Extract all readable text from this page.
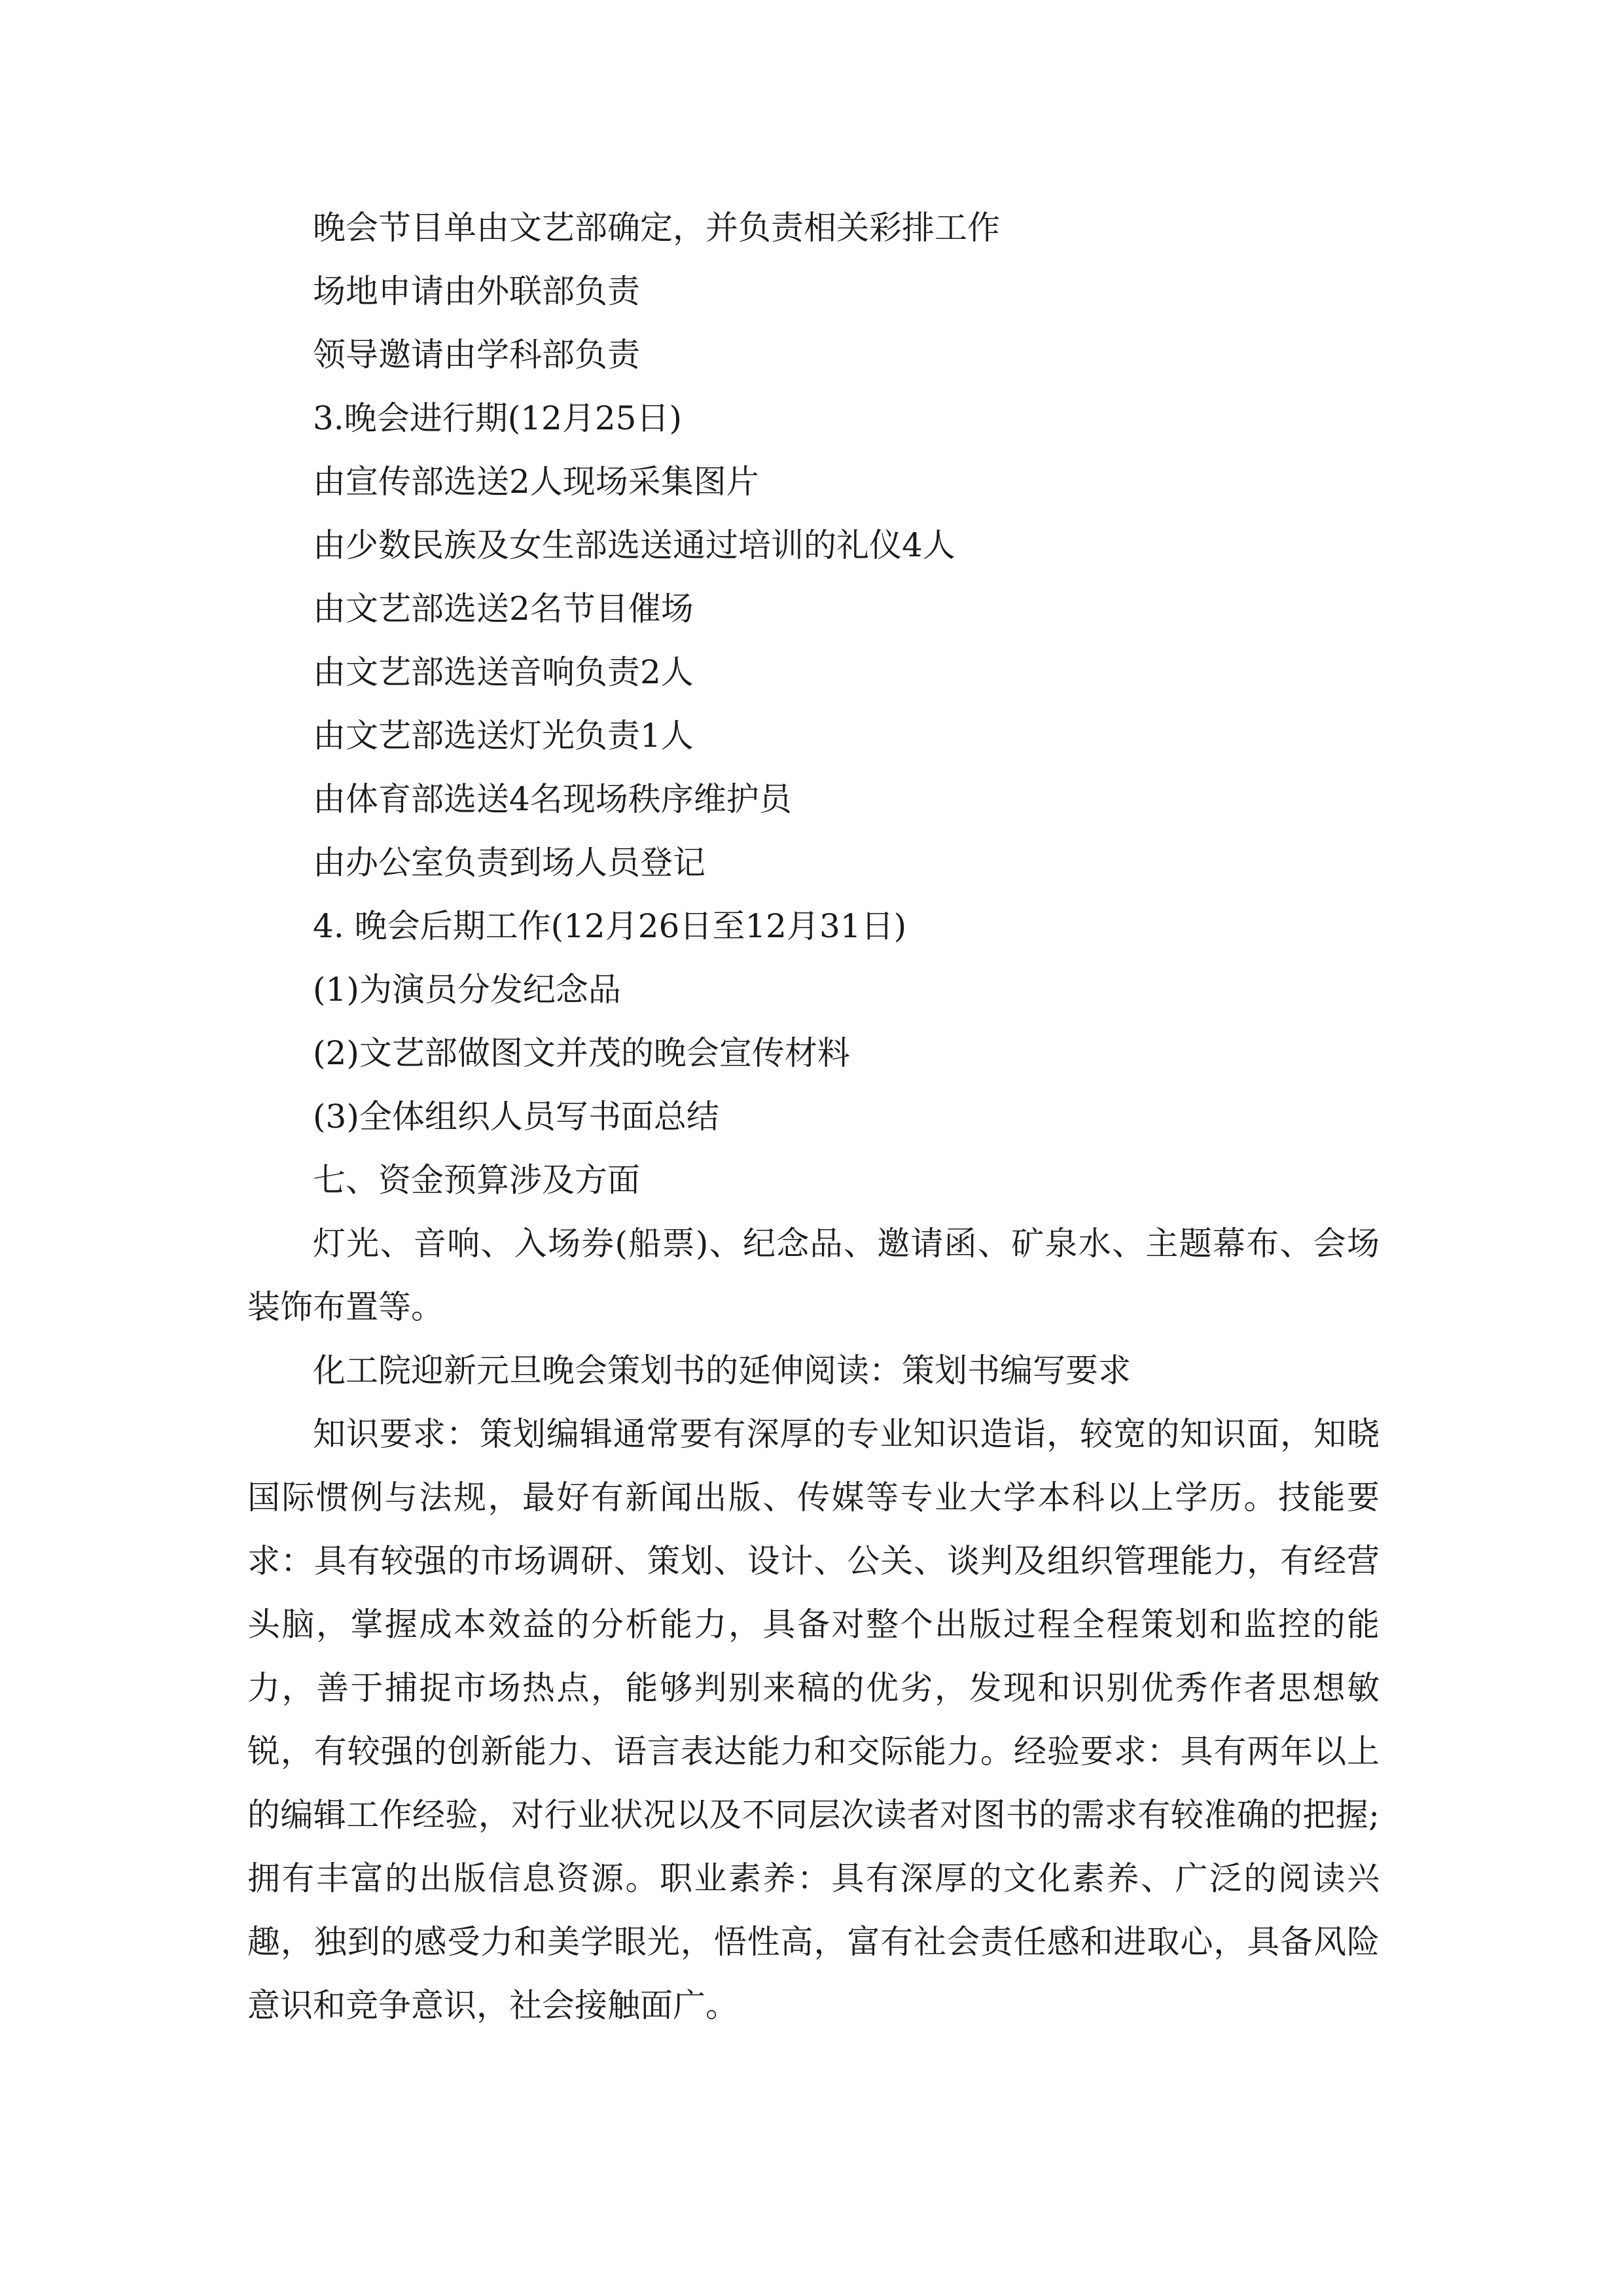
晚会节目单由文艺部确定，并负责相关彩排工作

场地申请由外联部负责

领导邀请由学科部负责

3.晚会进行期(12月25日)

由宣传部选送2人现场采集图片

由少数民族及女生部选送通过培训的礼仪4人

由文艺部选送2名节目催场

由文艺部选送音响负责2人

由文艺部选送灯光负责1人

由体育部选送4名现场秩序维护员

由办公室负责到场人员登记

4. 晚会后期工作(12月26日至12月31日)

(1)为演员分发纪念品

(2)文艺部做图文并茂的晚会宣传材料

(3)全体组织人员写书面总结

七、资金预算涉及方面

灯光、音响、入场券(船票)、纪念品、邀请函、矿泉水、主题幕布、会场装饰布置等。

化工院迎新元旦晚会策划书的延伸阅读：策划书编写要求

知识要求：策划编辑通常要有深厚的专业知识造诣，较宽的知识面，知晓国际惯例与法规，最好有新闻出版、传媒等专业大学本科以上学历。技能要求：具有较强的市场调研、策划、设计、公关、谈判及组织管理能力，有经营头脑，掌握成本效益的分析能力，具备对整个出版过程全程策划和监控的能力，善于捕捉市场热点，能够判别来稿的优劣，发现和识别优秀作者思想敏锐，有较强的创新能力、语言表达能力和交际能力。经验要求：具有两年以上的编辑工作经验，对行业状况以及不同层次读者对图书的需求有较准确的把握;拥有丰富的出版信息资源。职业素养：具有深厚的文化素养、广泛的阅读兴趣，独到的感受力和美学眼光，悟性高，富有社会责任感和进取心，具备风险意识和竞争意识，社会接触面广。
